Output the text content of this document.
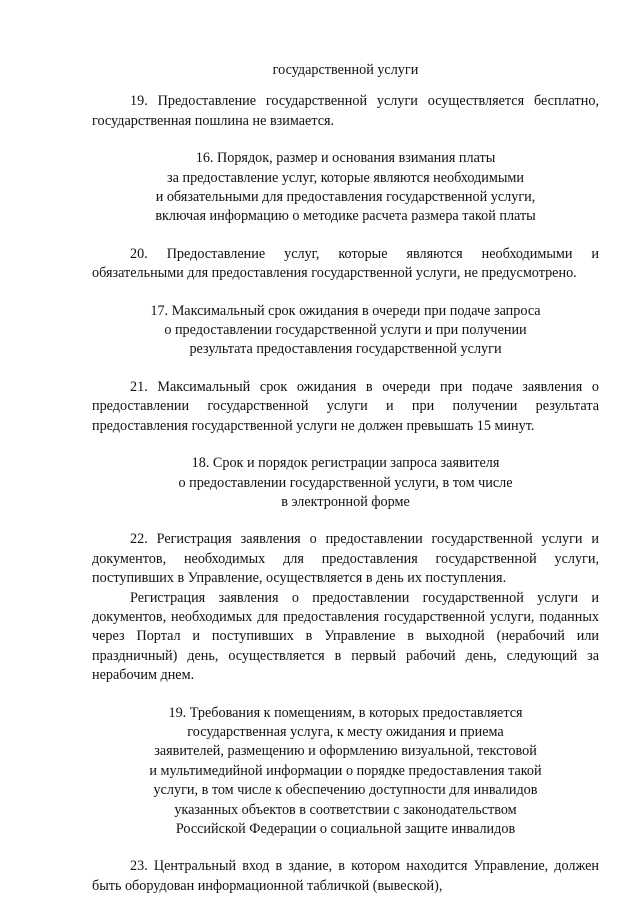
государственной услуги

19. Предоставление государственной услуги осуществляется бесплатно, государственная пошлина не взимается.

16. Порядок, размер и основания взимания платы
за предоставление услуг, которые являются необходимыми
и обязательными для предоставления государственной услуги,
включая информацию о методике расчета размера такой платы

20. Предоставление услуг, которые являются необходимыми и обязательными для предоставления государственной услуги, не предусмотрено.

17. Максимальный срок ожидания в очереди при подаче запроса
о предоставлении государственной услуги и при получении
результата предоставления государственной услуги

21. Максимальный срок ожидания в очереди при подаче заявления о предоставлении государственной услуги и при получении результата предоставления государственной услуги не должен превышать 15 минут.

18. Срок и порядок регистрации запроса заявителя
о предоставлении государственной услуги, в том числе
в электронной форме

22. Регистрация заявления о предоставлении государственной услуги и документов, необходимых для предоставления государственной услуги, поступивших в Управление, осуществляется в день их поступления.

Регистрация заявления о предоставлении государственной услуги и документов, необходимых для предоставления государственной услуги, поданных через Портал и поступивших в Управление в выходной (нерабочий или праздничный) день, осуществляется в первый рабочий день, следующий за нерабочим днем.

19. Требования к помещениям, в которых предоставляется
государственная услуга, к месту ожидания и приема
заявителей, размещению и оформлению визуальной, текстовой
и мультимедийной информации о порядке предоставления такой
услуги, в том числе к обеспечению доступности для инвалидов
указанных объектов в соответствии с законодательством
Российской Федерации о социальной защите инвалидов

23. Центральный вход в здание, в котором находится Управление, должен быть оборудован информационной табличкой (вывеской),
